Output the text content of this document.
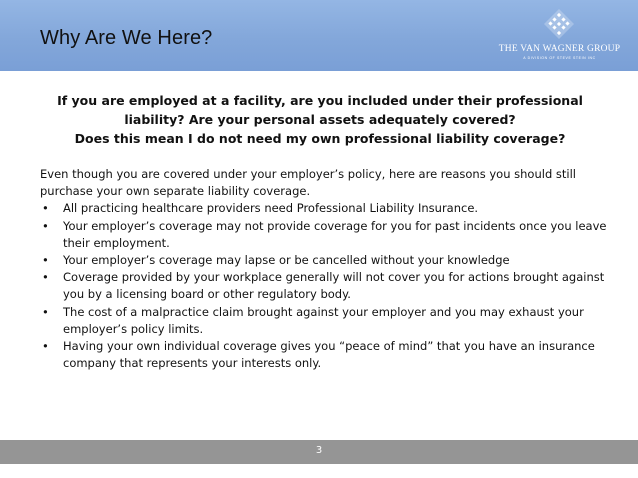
Why Are We Here?	THE VAN WAGNER GROUP
A DIVISION OF STEVE STEIN INC

If you are employed at a facility, are you included under their professional liability? Are your personal assets adequately covered?

Does this mean I do not need my own professional liability coverage?

Even though you are covered under your employer’s policy, here are reasons you should still purchase your own separate liability coverage.

• All practicing healthcare providers need Professional Liability Insurance.
• Your employer’s coverage may not provide coverage for you for past incidents once you leave their employment.
• Your employer’s coverage may lapse or be cancelled without your knowledge
• Coverage provided by your workplace generally will not cover you for actions brought against you by a licensing board or other regulatory body.
• The cost of a malpractice claim brought against your employer and you may exhaust your employer’s policy limits.
• Having your own individual coverage gives you “peace of mind” that you have an insurance company that represents your interests only.
3
